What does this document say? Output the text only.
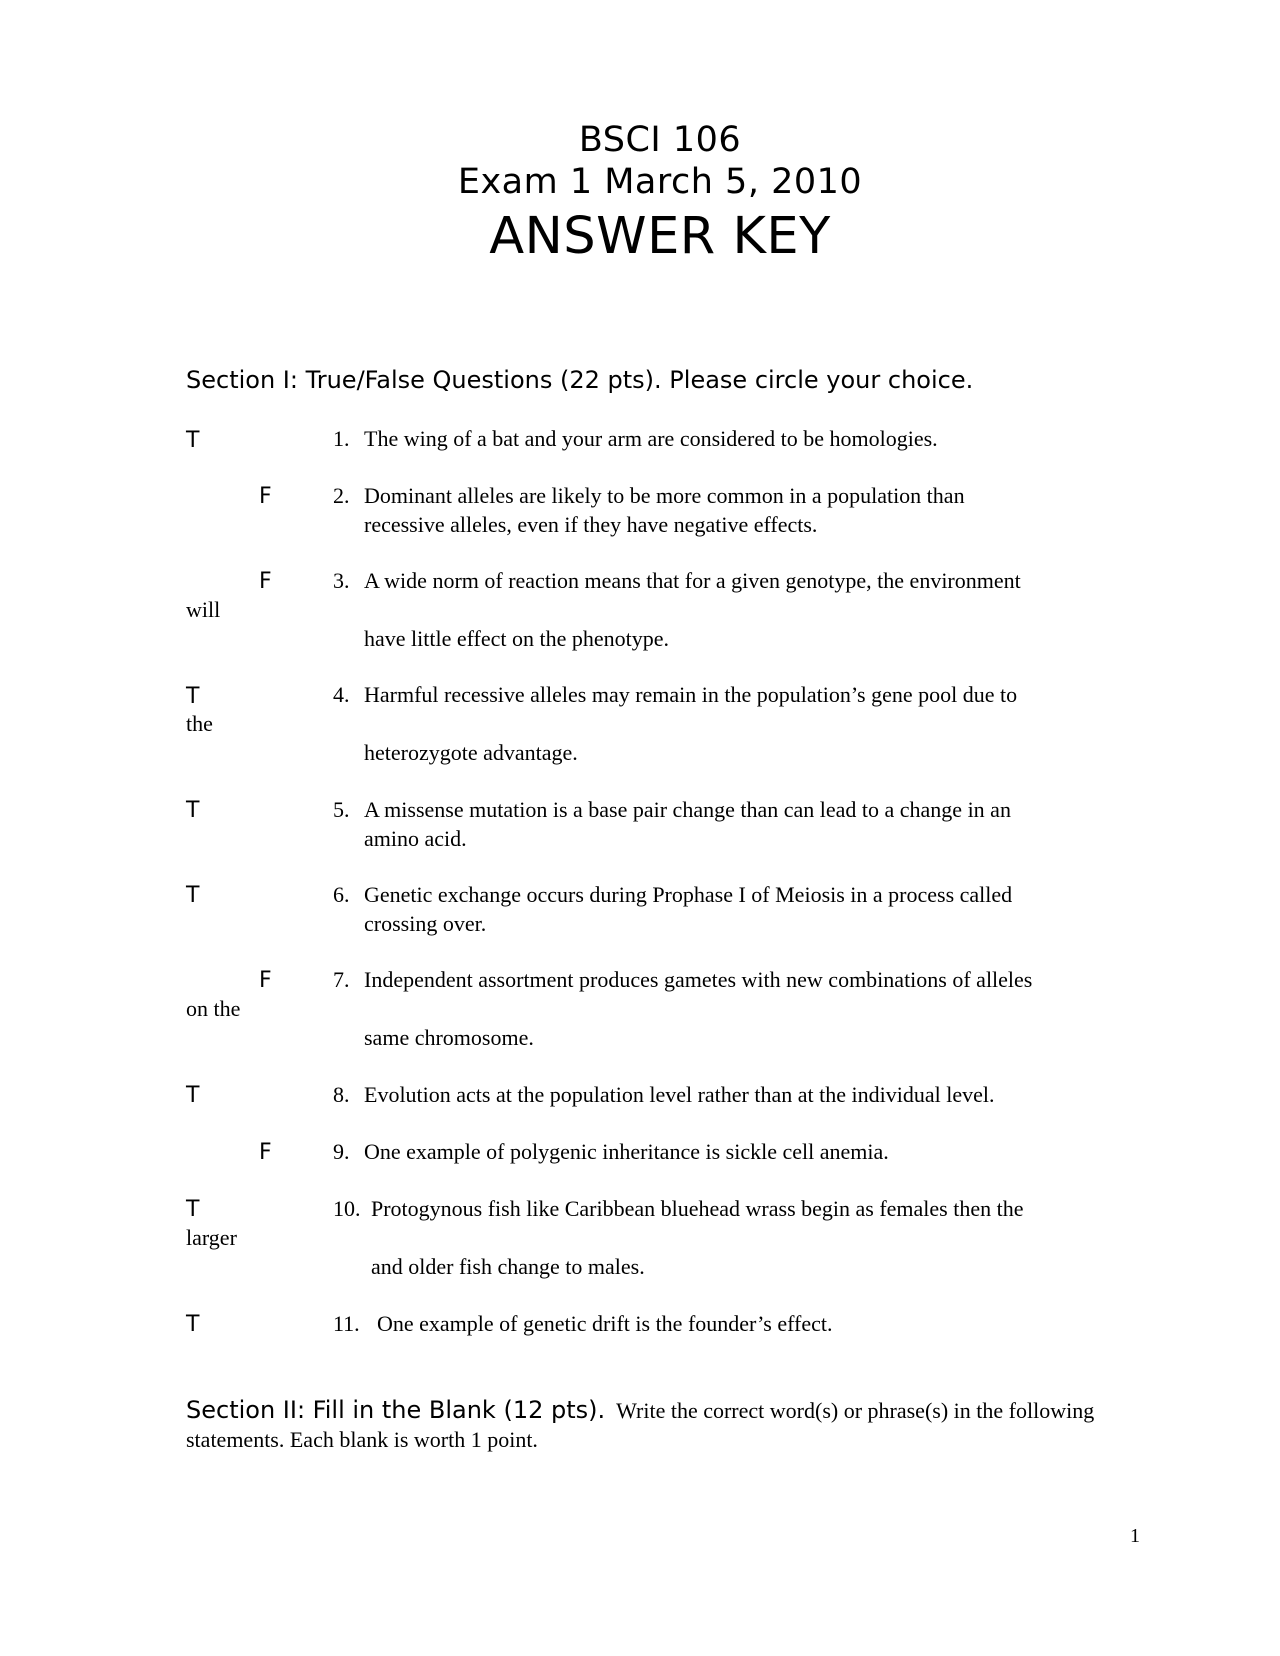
BSCI 106
Exam 1 March 5, 2010
ANSWER KEY
Section I: True/False Questions (22 pts). Please circle your choice.
T	1. The wing of a bat and your arm are considered to be homologies.
F	2. Dominant alleles are likely to be more common in a population than
recessive alleles, even if they have negative effects.
F	3. A wide norm of reaction means that for a given genotype, the environment
will
have little effect on the phenotype.
T	4. Harmful recessive alleles may remain in the population’s gene pool due to
the
heterozygote advantage.
T	5. A missense mutation is a base pair change than can lead to a change in an
amino acid.
T	6. Genetic exchange occurs during Prophase I of Meiosis in a process called
crossing over.
F	7. Independent assortment produces gametes with new combinations of alleles
on the
same chromosome.
T	8. Evolution acts at the population level rather than at the individual level.
F	9. One example of polygenic inheritance is sickle cell anemia.
T	10. Protogynous fish like Caribbean bluehead wrass begin as females then the
larger
and older fish change to males.
T	11. One example of genetic drift is the founder’s effect.
Section II: Fill in the Blank (12 pts). Write the correct word(s) or phrase(s) in the following statements. Each blank is worth 1 point.
1
